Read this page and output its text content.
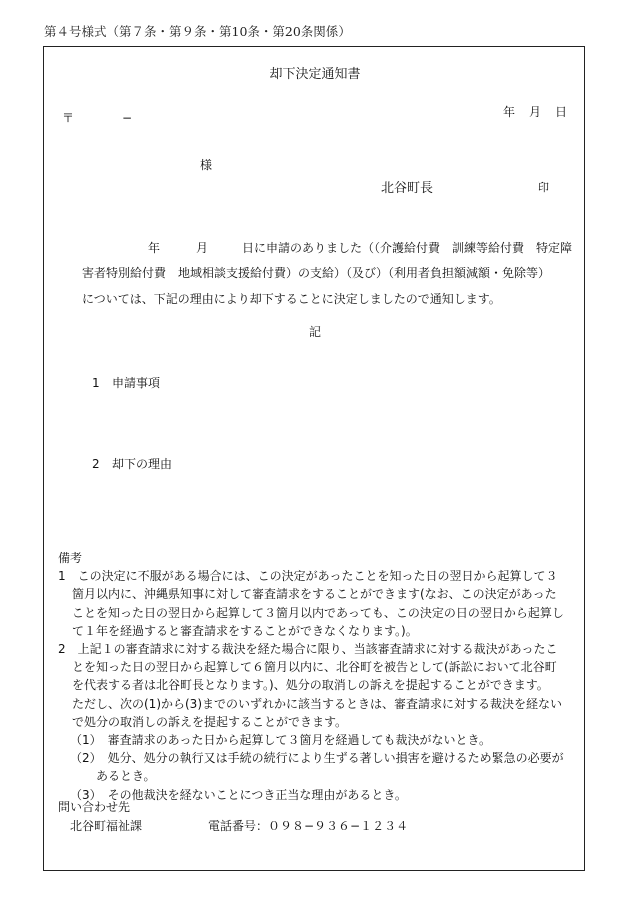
第４号様式（第７条・第９条・第10条・第20条関係）
却下決定通知書
〒　　　　−	年　月　日
様
北谷町長	印
年	月	日に申請のありました（（介護給付費　訓練等給付費　特定障
害者特別給付費　地域相談支援給付費）の支給）（及び）（利用者負担額減額・免除等）
については、下記の理由により却下することに決定しましたので通知します。
記
1 申請事項
2 却下の理由
備考
1　この決定に不服がある場合には、この決定があったことを知った日の翌日から起算して３
箇月以内に、沖縄県知事に対して審査請求をすることができます(なお、この決定があった
ことを知った日の翌日から起算して３箇月以内であっても、この決定の日の翌日から起算し
て１年を経過すると審査請求をすることができなくなります。)。
2　上記１の審査請求に対する裁決を経た場合に限り、当該審査請求に対する裁決があったこ
とを知った日の翌日から起算して６箇月以内に、北谷町を被告として(訴訟において北谷町
を代表する者は北谷町長となります。)、処分の取消しの訴えを提起することができます。
ただし、次の(1)から(3)までのいずれかに該当するときは、審査請求に対する裁決を経ない
で処分の取消しの訴えを提起することができます。
（1）　審査請求のあった日から起算して３箇月を経過しても裁決がないとき。
（2）　処分、処分の執行又は手続の続行により生ずる著しい損害を避けるため緊急の必要が
あるとき。
（3）　その他裁決を経ないことにつき正当な理由があるとき。
問い合わせ先
北谷町福祉課	電話番号：０９８−９３６−１２３４
